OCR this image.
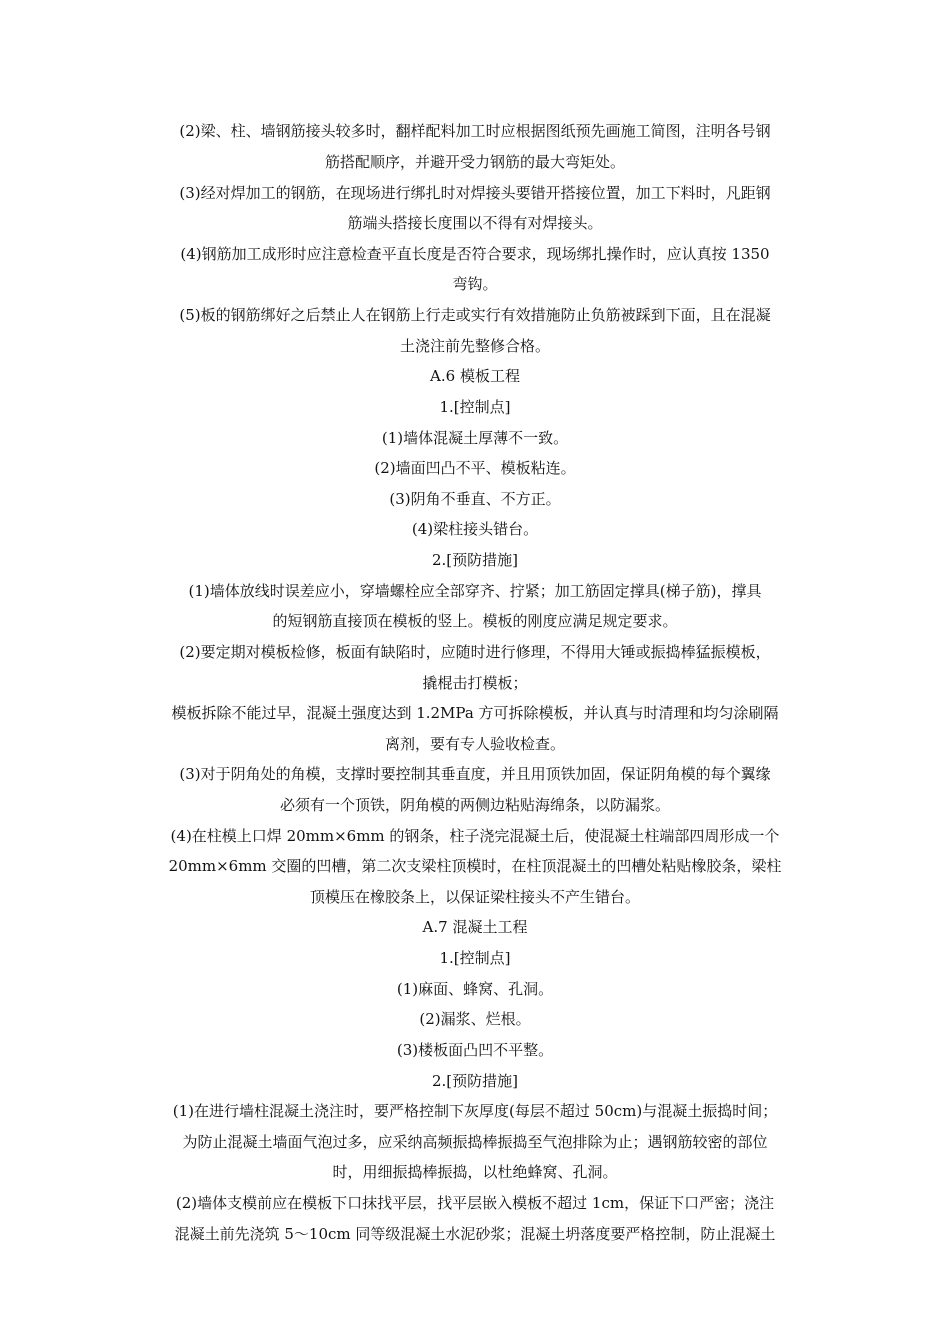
(2)梁、柱、墙钢筋接头较多时，翻样配料加工时应根据图纸预先画施工简图，注明各号钢
筋搭配顺序，并避开受力钢筋的最大弯矩处。
(3)经对焊加工的钢筋，在现场进行绑扎时对焊接头要错开搭接位置，加工下料时，凡距钢
筋端头搭接长度围以不得有对焊接头。
(4)钢筋加工成形时应注意检查平直长度是否符合要求，现场绑扎操作时，应认真按 1350
弯钩。
(5)板的钢筋绑好之后禁止人在钢筋上行走或实行有效措施防止负筋被踩到下面，且在混凝
土浇注前先整修合格。
A.6 模板工程
1.[控制点]
(1)墙体混凝土厚薄不一致。
(2)墙面凹凸不平、模板粘连。
(3)阴角不垂直、不方正。
(4)梁柱接头错台。
2.[预防措施]
(1)墙体放线时误差应小，穿墙螺栓应全部穿齐、拧紧；加工筋固定撑具(梯子筋)，撑具
的短钢筋直接顶在模板的竖上。模板的刚度应满足规定要求。
(2)要定期对模板检修，板面有缺陷时，应随时进行修理，不得用大锤或振捣棒猛振模板，
撬棍击打模板；
模板拆除不能过早，混凝土强度达到 1.2MPa 方可拆除模板，并认真与时清理和均匀涂刷隔
离剂，要有专人验收检查。
(3)对于阴角处的角模，支撑时要控制其垂直度，并且用顶铁加固，保证阴角模的每个翼缘
必须有一个顶铁，阴角模的两侧边粘贴海绵条，以防漏浆。
(4)在柱模上口焊 20mm×6mm 的钢条，柱子浇完混凝土后，使混凝土柱端部四周形成一个
20mm×6mm 交圈的凹槽，第二次支梁柱顶模时，在柱顶混凝土的凹槽处粘贴橡胶条，梁柱
顶模压在橡胶条上，以保证梁柱接头不产生错台。
A.7 混凝土工程
1.[控制点]
(1)麻面、蜂窝、孔洞。
(2)漏浆、烂根。
(3)楼板面凸凹不平整。
2.[预防措施]
(1)在进行墙柱混凝土浇注时，要严格控制下灰厚度(每层不超过 50cm)与混凝土振捣时间；
为防止混凝土墙面气泡过多，应采纳高频振捣棒振捣至气泡排除为止；遇钢筋较密的部位
时，用细振捣棒振捣，以杜绝蜂窝、孔洞。
(2)墙体支模前应在模板下口抹找平层，找平层嵌入模板不超过 1cm，保证下口严密；浇注
混凝土前先浇筑 5～10cm 同等级混凝土水泥砂浆；混凝土坍落度要严格控制，防止混凝土
